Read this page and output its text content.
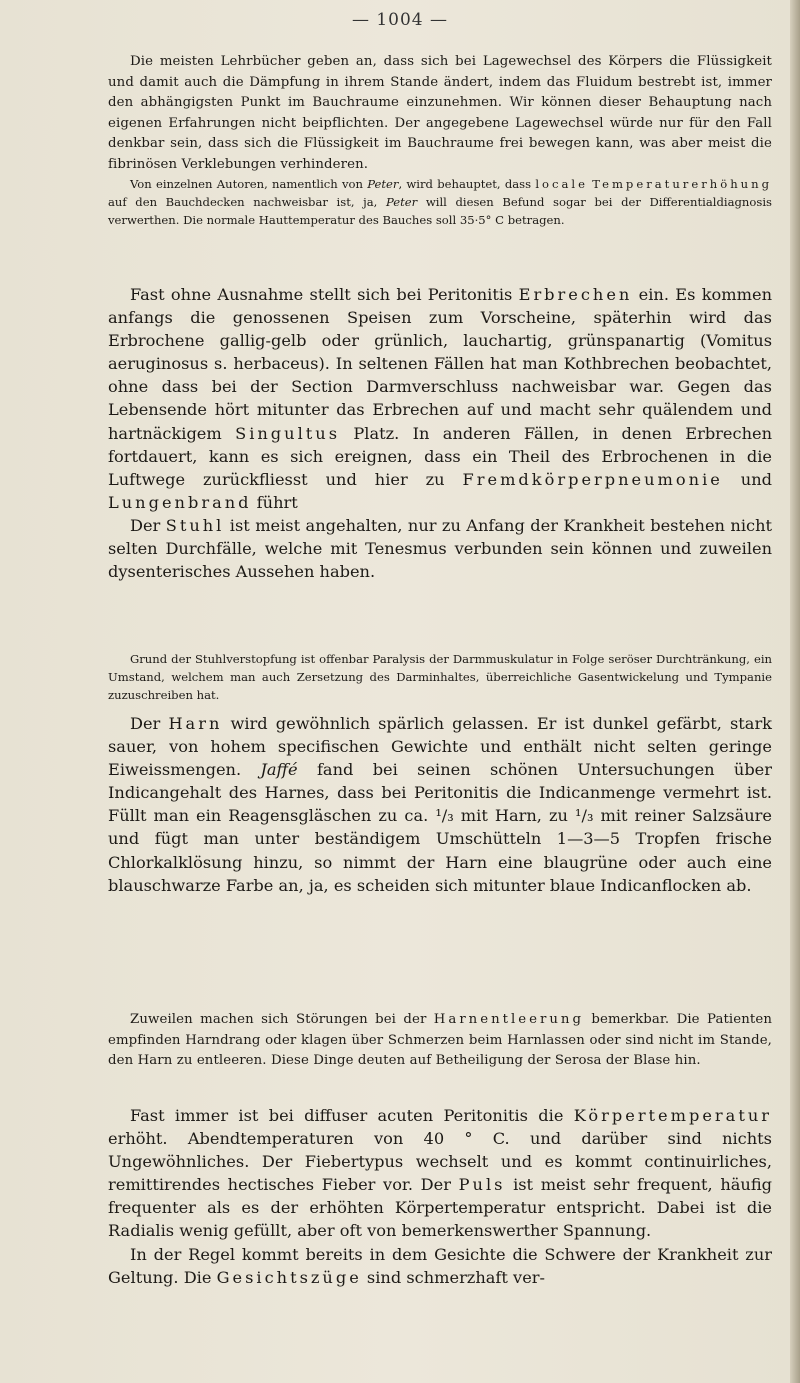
— 1004 —

Die meisten Lehrbücher geben an, dass sich bei Lagewechsel des Körpers die Flüssigkeit und damit auch die Dämpfung in ihrem Stande ändert, indem das Fluidum bestrebt ist, immer den abhängigsten Punkt im Bauchraume einzunehmen. Wir können dieser Behauptung nach eigenen Erfahrungen nicht beipflichten. Der angegebene Lagewechsel würde nur für den Fall denkbar sein, dass sich die Flüssigkeit im Bauchraume frei bewegen kann, was aber meist die fibrinösen Verklebungen verhinderen.

Von einzelnen Autoren, namentlich von Peter, wird behauptet, dass locale Temperaturerhöhung auf den Bauchdecken nachweisbar ist, ja, Peter will diesen Befund sogar bei der Differentialdiagnosis verwerthen. Die normale Hauttemperatur des Bauches soll 35·5° C betragen.

Fast ohne Ausnahme stellt sich bei Peritonitis Erbrechen ein. Es kommen anfangs die genossenen Speisen zum Vorscheine, späterhin wird das Erbrochene gallig-gelb oder grünlich, lauchartig, grünspanartig (Vomitus aeruginosus s. herbaceus). In seltenen Fällen hat man Kothbrechen beobachtet, ohne dass bei der Section Darmverschluss nachweisbar war. Gegen das Lebensende hört mitunter das Erbrechen auf und macht sehr quälendem und hartnäckigem Singultus Platz. In anderen Fällen, in denen Erbrechen fortdauert, kann es sich ereignen, dass ein Theil des Erbrochenen in die Luftwege zurückfliesst und hier zu Fremdkörperpneumonie und Lungenbrand führt

Der Stuhl ist meist angehalten, nur zu Anfang der Krankheit bestehen nicht selten Durchfälle, welche mit Tenesmus verbunden sein können und zuweilen dysenterisches Aussehen haben.

Grund der Stuhlverstopfung ist offenbar Paralysis der Darmmuskulatur in Folge seröser Durchtränkung, ein Umstand, welchem man auch Zersetzung des Darminhaltes, überreichliche Gasentwickelung und Tympanie zuzuschreiben hat.

Der Harn wird gewöhnlich spärlich gelassen. Er ist dunkel gefärbt, stark sauer, von hohem specifischen Gewichte und enthält nicht selten geringe Eiweissmengen. Jaffé fand bei seinen schönen Untersuchungen über Indicangehalt des Harnes, dass bei Peritonitis die Indicanmenge vermehrt ist. Füllt man ein Reagensgläschen zu ca. ¹/₃ mit Harn, zu ¹/₃ mit reiner Salzsäure und fügt man unter beständigem Umschütteln 1—3—5 Tropfen frische Chlorkalklösung hinzu, so nimmt der Harn eine blaugrüne oder auch eine blauschwarze Farbe an, ja, es scheiden sich mitunter blaue Indicanflocken ab.

Zuweilen machen sich Störungen bei der Harnentleerung bemerkbar. Die Patienten empfinden Harndrang oder klagen über Schmerzen beim Harnlassen oder sind nicht im Stande, den Harn zu entleeren. Diese Dinge deuten auf Betheiligung der Serosa der Blase hin.

Fast immer ist bei diffuser acuten Peritonitis die Körpertemperatur erhöht. Abendtemperaturen von 40 ° C. und darüber sind nichts Ungewöhnliches. Der Fiebertypus wechselt und es kommt continuirliches, remittirendes hectisches Fieber vor. Der Puls ist meist sehr frequent, häufig frequenter als es der erhöhten Körpertemperatur entspricht. Dabei ist die Radialis wenig gefüllt, aber oft von bemerkenswerther Spannung.

In der Regel kommt bereits in dem Gesichte die Schwere der Krankheit zur Geltung. Die Gesichtszüge sind schmerzhaft ver-
